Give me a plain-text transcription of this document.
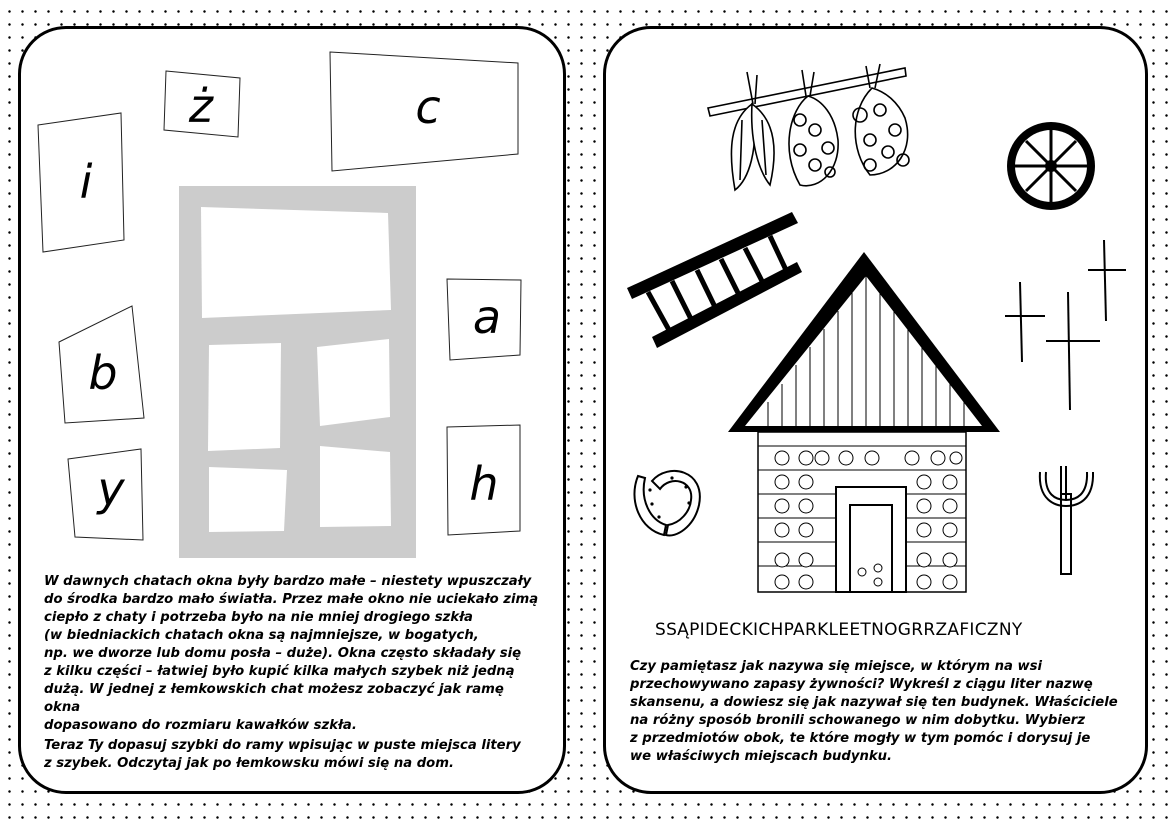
i
ż	c
a
b
y	h

W dawnych chatach okna były bardzo małe – niestety wpuszczały
do środka bardzo mało światła. Przez małe okno nie uciekało zimą
ciepło z chaty i potrzeba było na nie mniej drogiego szkła
(w biedniackich chatach okna są najmniejsze, w bogatych,
np. we dworze lub domu posła – duże). Okna często składały się
z kilku części – łatwiej było kupić kilka małych szybek niż jedną
dużą. W jednej z łemkowskich chat możesz zobaczyć jak ramę okna
dopasowano do rozmiaru kawałków szkła.

Teraz Ty dopasuj szybki do ramy wpisując w puste miejsca litery
z szybek. Odczytaj jak po łemkowsku mówi się na dom.

SSĄPIDECKICHPARKLEETNOGRRZAFICZNY

Czy pamiętasz jak nazywa się miejsce, w którym na wsi
przechowywano zapasy żywności? Wykreśl z ciągu liter nazwę
skansenu, a dowiesz się jak nazywał się ten budynek. Właściciele
na różny sposób bronili schowanego w nim dobytku. Wybierz
z przedmiotów obok, te które mogły w tym pomóc i dorysuj je
we właściwych miejscach budynku.
